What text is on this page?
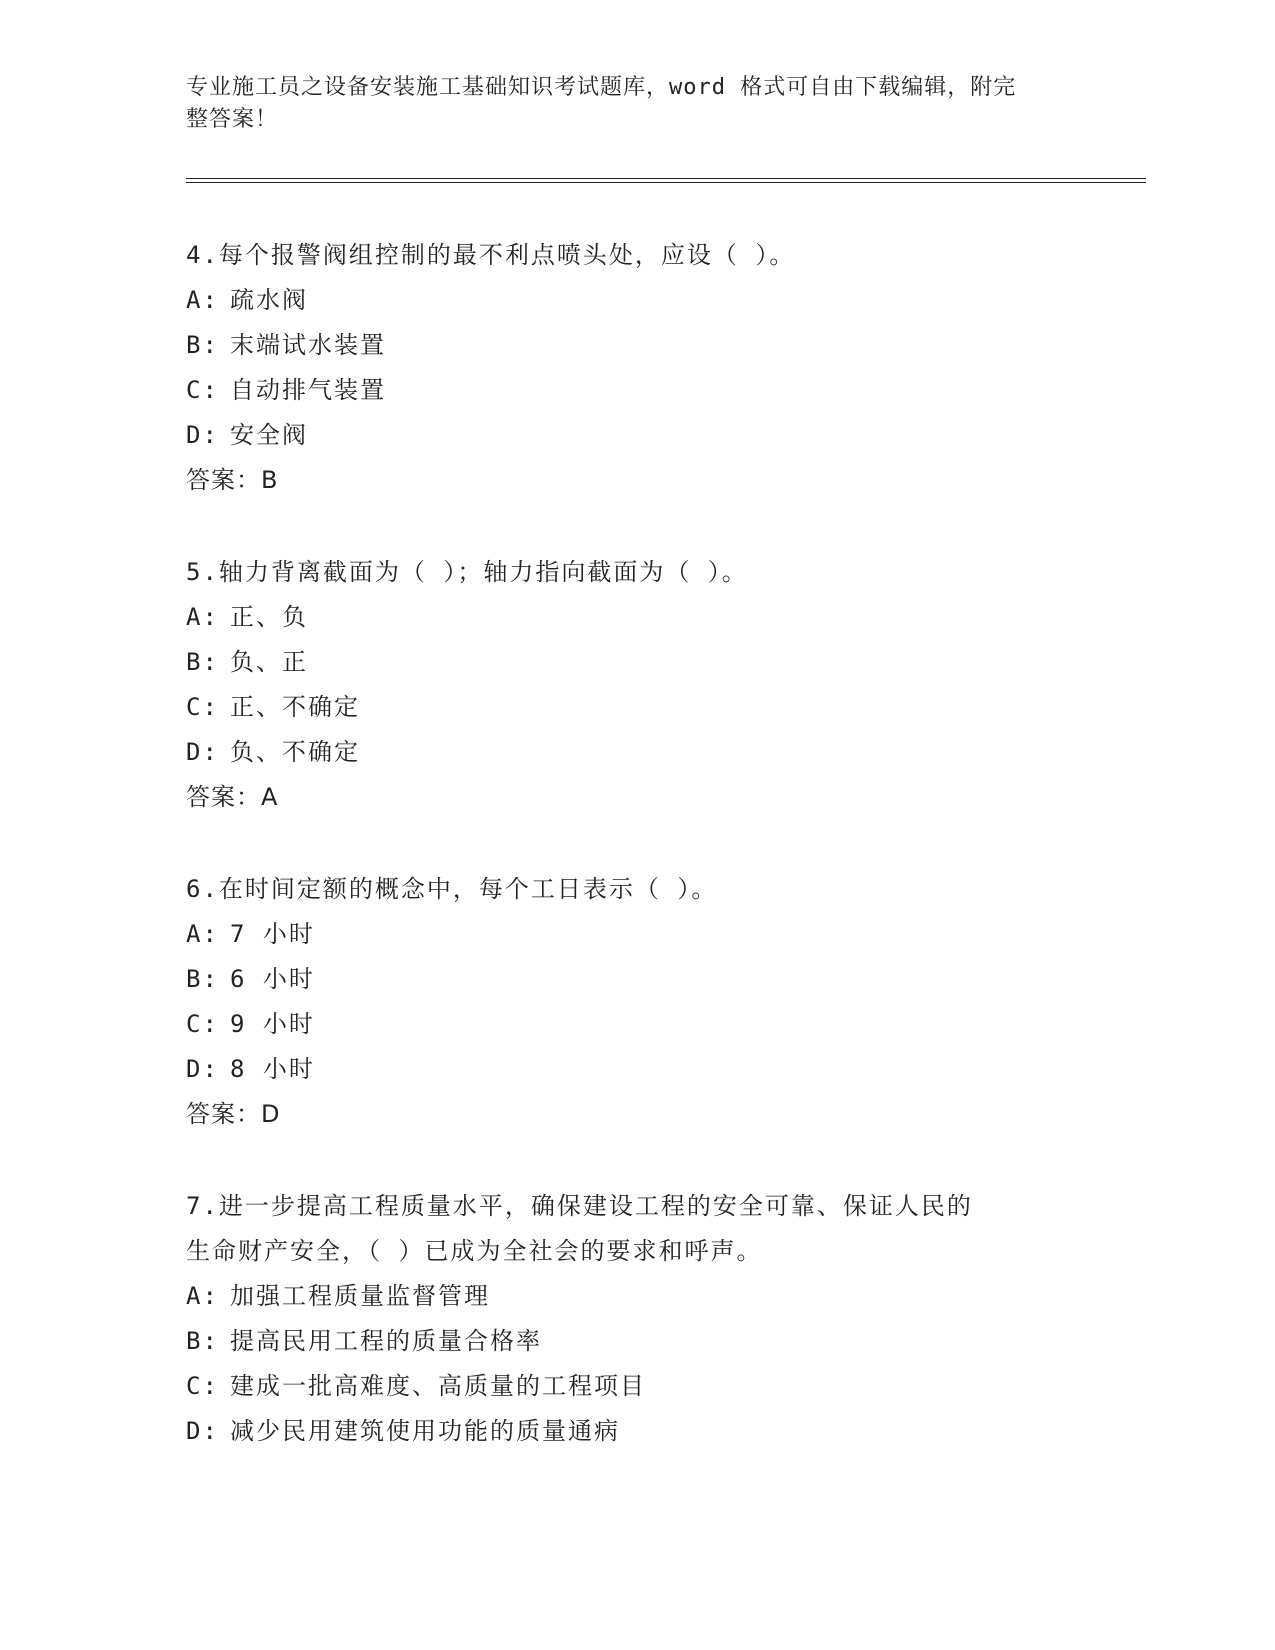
专业施工员之设备安装施工基础知识考试题库，word 格式可自由下载编辑，附完
整答案！

4.每个报警阀组控制的最不利点喷头处，应设（ ）。

A: 疏水阀

B: 末端试水装置

C: 自动排气装置

D: 安全阀

答案：B

5.轴力背离截面为（ ）；轴力指向截面为（ ）。

A: 正、负

B: 负、正

C: 正、不确定

D: 负、不确定

答案：A

6.在时间定额的概念中，每个工日表示（ ）。

A: 7 小时

B: 6 小时

C: 9 小时

D: 8 小时

答案：D

7.进一步提高工程质量水平，确保建设工程的安全可靠、保证人民的

生命财产安全，（ ）已成为全社会的要求和呼声。

A: 加强工程质量监督管理

B: 提高民用工程的质量合格率

C: 建成一批高难度、高质量的工程项目

D: 减少民用建筑使用功能的质量通病
